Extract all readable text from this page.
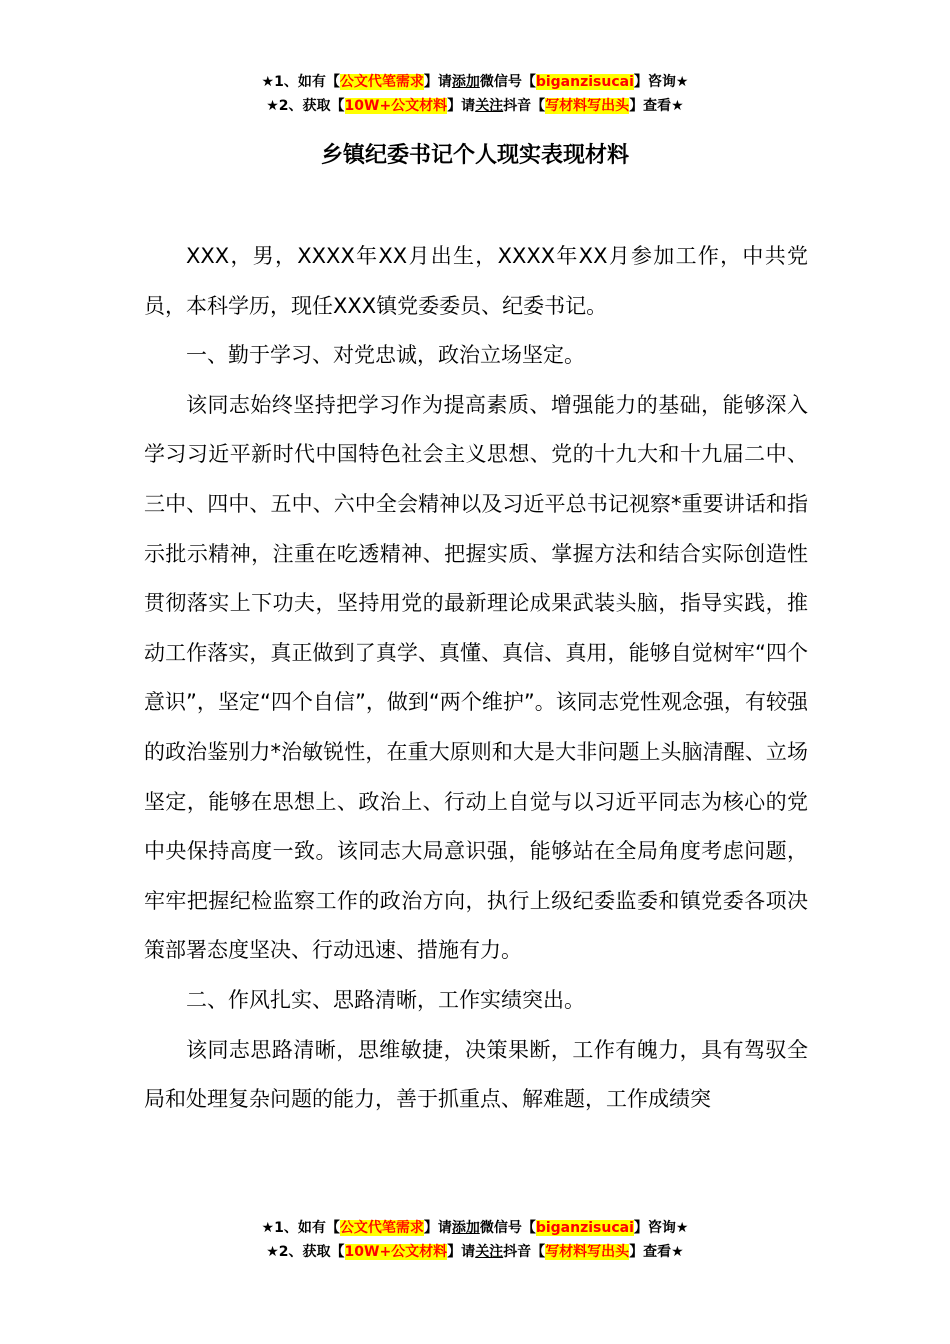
★1、如有【公文代笔需求】请添加微信号【biganzisucai】咨询★
★2、获取【10W+公文材料】请关注抖音【写材料写出头】查看★
乡镇纪委书记个人现实表现材料

XXX，男，XXXX年XX月出生，XXXX年XX月参加工作，中共党员，本科学历，现任XXX镇党委委员、纪委书记。

一、勤于学习、对党忠诚，政治立场坚定。

该同志始终坚持把学习作为提高素质、增强能力的基础，能够深入学习习近平新时代中国特色社会主义思想、党的十九大和十九届二中、三中、四中、五中、六中全会精神以及习近平总书记视察*重要讲话和指示批示精神，注重在吃透精神、把握实质、掌握方法和结合实际创造性贯彻落实上下功夫，坚持用党的最新理论成果武装头脑，指导实践，推动工作落实，真正做到了真学、真懂、真信、真用，能够自觉树牢“四个意识”，坚定“四个自信”，做到“两个维护”。该同志党性观念强，有较强的政治鉴别力*治敏锐性，在重大原则和大是大非问题上头脑清醒、立场坚定，能够在思想上、政治上、行动上自觉与以习近平同志为核心的党中央保持高度一致。该同志大局意识强，能够站在全局角度考虑问题，牢牢把握纪检监察工作的政治方向，执行上级纪委监委和镇党委各项决策部署态度坚决、行动迅速、措施有力。

二、作风扎实、思路清晰，工作实绩突出。

该同志思路清晰，思维敏捷，决策果断，工作有魄力，具有驾驭全局和处理复杂问题的能力，善于抓重点、解难题，工作成绩突

★1、如有【公文代笔需求】请添加微信号【biganzisucai】咨询★
★2、获取【10W+公文材料】请关注抖音【写材料写出头】查看★
